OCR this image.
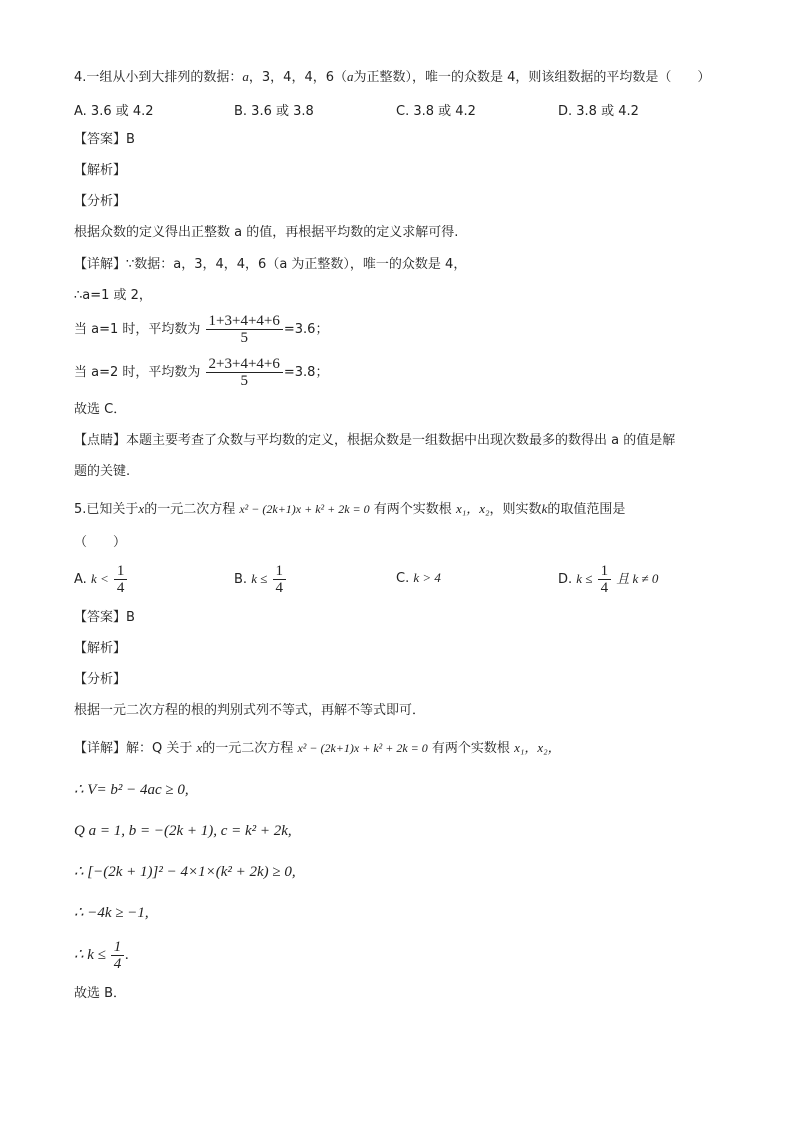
4.一组从小到大排列的数据：a，3，4，4，6（a为正整数），唯一的众数是 4，则该组数据的平均数是（　　）
A. 3.6 或 4.2	B. 3.6 或 3.8	C. 3.8 或 4.2	D. 3.8 或 4.2
【答案】B
【解析】
【分析】
根据众数的定义得出正整数 a 的值，再根据平均数的定义求解可得.
【详解】∵数据：a，3，4，4，6（a 为正整数），唯一的众数是 4，
∴a=1 或 2，
当 a=1 时，平均数为 $\frac{1+3+4+4+6}{5} =3.6$；
当 a=2 时，平均数为 $\frac{2+3+4+4+6}{5} =3.8$；
故选 C．
【点睛】本题主要考查了众数与平均数的定义，根据众数是一组数据中出现次数最多的数得出 a 的值是解
题的关键.
5.已知关于x的一元二次方程 x² − (2k+1)x + k² + 2k = 0 有两个实数根 x₁，x₂，则实数k的取值范围是
（　　）
A. $k < \frac{1}{4}$	B. $k \le \frac{1}{4}$	C. k > 4	D. $k \le \frac{1}{4}$ 且 k ≠ 0
【答案】B
【解析】
【分析】
根据一元二次方程的根的判别式列不等式，再解不等式即可．
【详解】解：Q 关于 x的一元二次方程 x² − (2k+1)x + k² + 2k = 0 有两个实数根 x₁，x₂，
∴ V= b² − 4ac ≥ 0,
Q a = 1, b = −(2k + 1), c = k² + 2k,
∴ [−(2k + 1)]² − 4×1×(k² + 2k) ≥ 0,
∴ −4k ≥ −1,
∴ $k \le \frac{1}{4}$ .
故选 B．
